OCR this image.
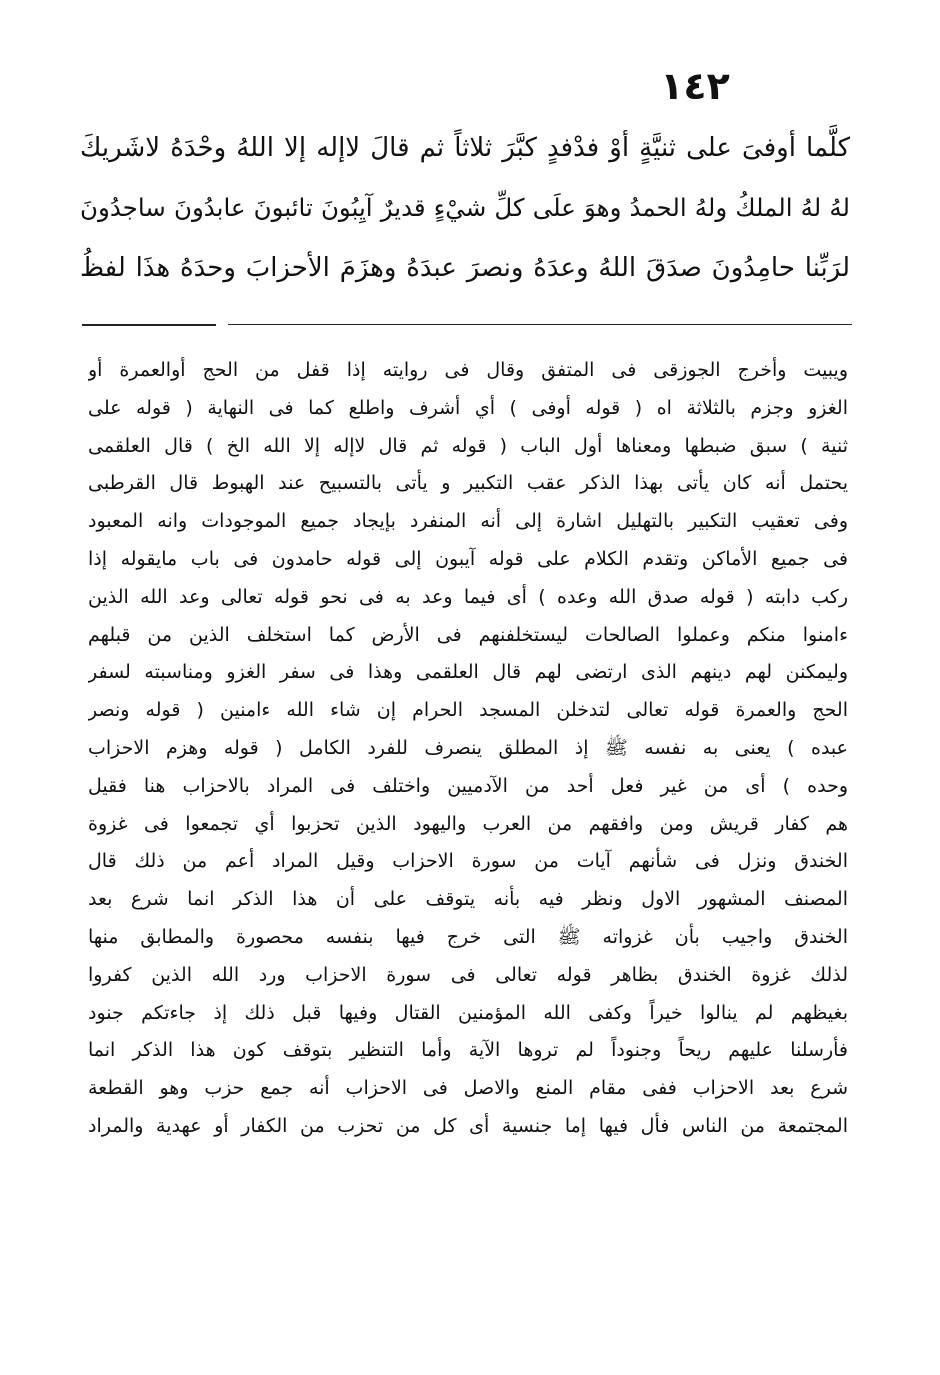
١٤٢
كلَّما أوفىَ على ثنيَّةٍ أوْ فدْفدٍ كبَّرَ ثلاثاً ثم قالَ لاإله إلا اللهُ وحْدَهُ لاشَريكَ
لهُ لهُ الملكُ ولهُ الحمدُ وهوَ علَى كلِّ شيْءٍ قديرٌ آيِبُونَ تائبونَ عابدُونَ ساجدُونَ
لرَبِّنا حامِدُونَ صدَقَ اللهُ وعدَهُ ونصرَ عبدَهُ وهزَمَ الأحزابَ وحدَهُ هذَا لفظُ
ويبيت وأخرج الجوزقى فى المتفق وقال فى روايته إذا قفل من الحج أوالعمرة أو
الغزو وجزم بالثلاثة اه ( قوله أوفى ) أي أشرف واطلع كما فى النهاية ( قوله على
ثنية ) سبق ضبطها ومعناها أول الباب ( قوله ثم قال لاإله إلا الله الخ ) قال العلقمى
يحتمل أنه كان يأتى بهذا الذكر عقب التكبير و يأتى بالتسبيح عند الهبوط قال القرطبى
وفى تعقيب التكبير بالتهليل اشارة إلى أنه المنفرد بإيجاد جميع الموجودات وانه المعبود
فى جميع الأماكن وتقدم الكلام على قوله آيبون إلى قوله حامدون فى باب مايقوله إذا
ركب دابته ( قوله صدق الله وعده ) أى فيما وعد به فى نحو قوله تعالى وعد الله الذين
ءامنوا منكم وعملوا الصالحات ليستخلفنهم فى الأرض كما استخلف الذين من قبلهم
وليمكنن لهم دينهم الذى ارتضى لهم قال العلقمى وهذا فى سفر الغزو ومناسبته لسفر
الحج والعمرة قوله تعالى لتدخلن المسجد الحرام إن شاء الله ءامنين ( قوله ونصر
عبده ) يعنى به نفسه ﷺ إذ المطلق ينصرف للفرد الكامل ( قوله وهزم الاحزاب
وحده ) أى من غير فعل أحد من الآدميين واختلف فى المراد بالاحزاب هنا فقيل
هم كفار قريش ومن وافقهم من العرب واليهود الذين تحزبوا أي تجمعوا فى غزوة
الخندق ونزل فى شأنهم آيات من سورة الاحزاب وقيل المراد أعم من ذلك قال
المصنف المشهور الاول ونظر فيه بأنه يتوقف على أن هذا الذكر انما شرع بعد
الخندق واجيب بأن غزواته ﷺ التى خرج فيها بنفسه محصورة والمطابق منها
لذلك غزوة الخندق بظاهر قوله تعالى فى سورة الاحزاب ورد الله الذين كفروا
بغيظهم لم ينالوا خيراً وكفى الله المؤمنين القتال وفيها قبل ذلك إذ جاءتكم جنود
فأرسلنا عليهم ريحاً وجنوداً لم تروها الآية وأما التنظير بتوقف كون هذا الذكر انما
شرع بعد الاحزاب ففى مقام المنع والاصل فى الاحزاب أنه جمع حزب وهو القطعة
المجتمعة من الناس فأل فيها إما جنسية أى كل من تحزب من الكفار أو عهدية والمراد
